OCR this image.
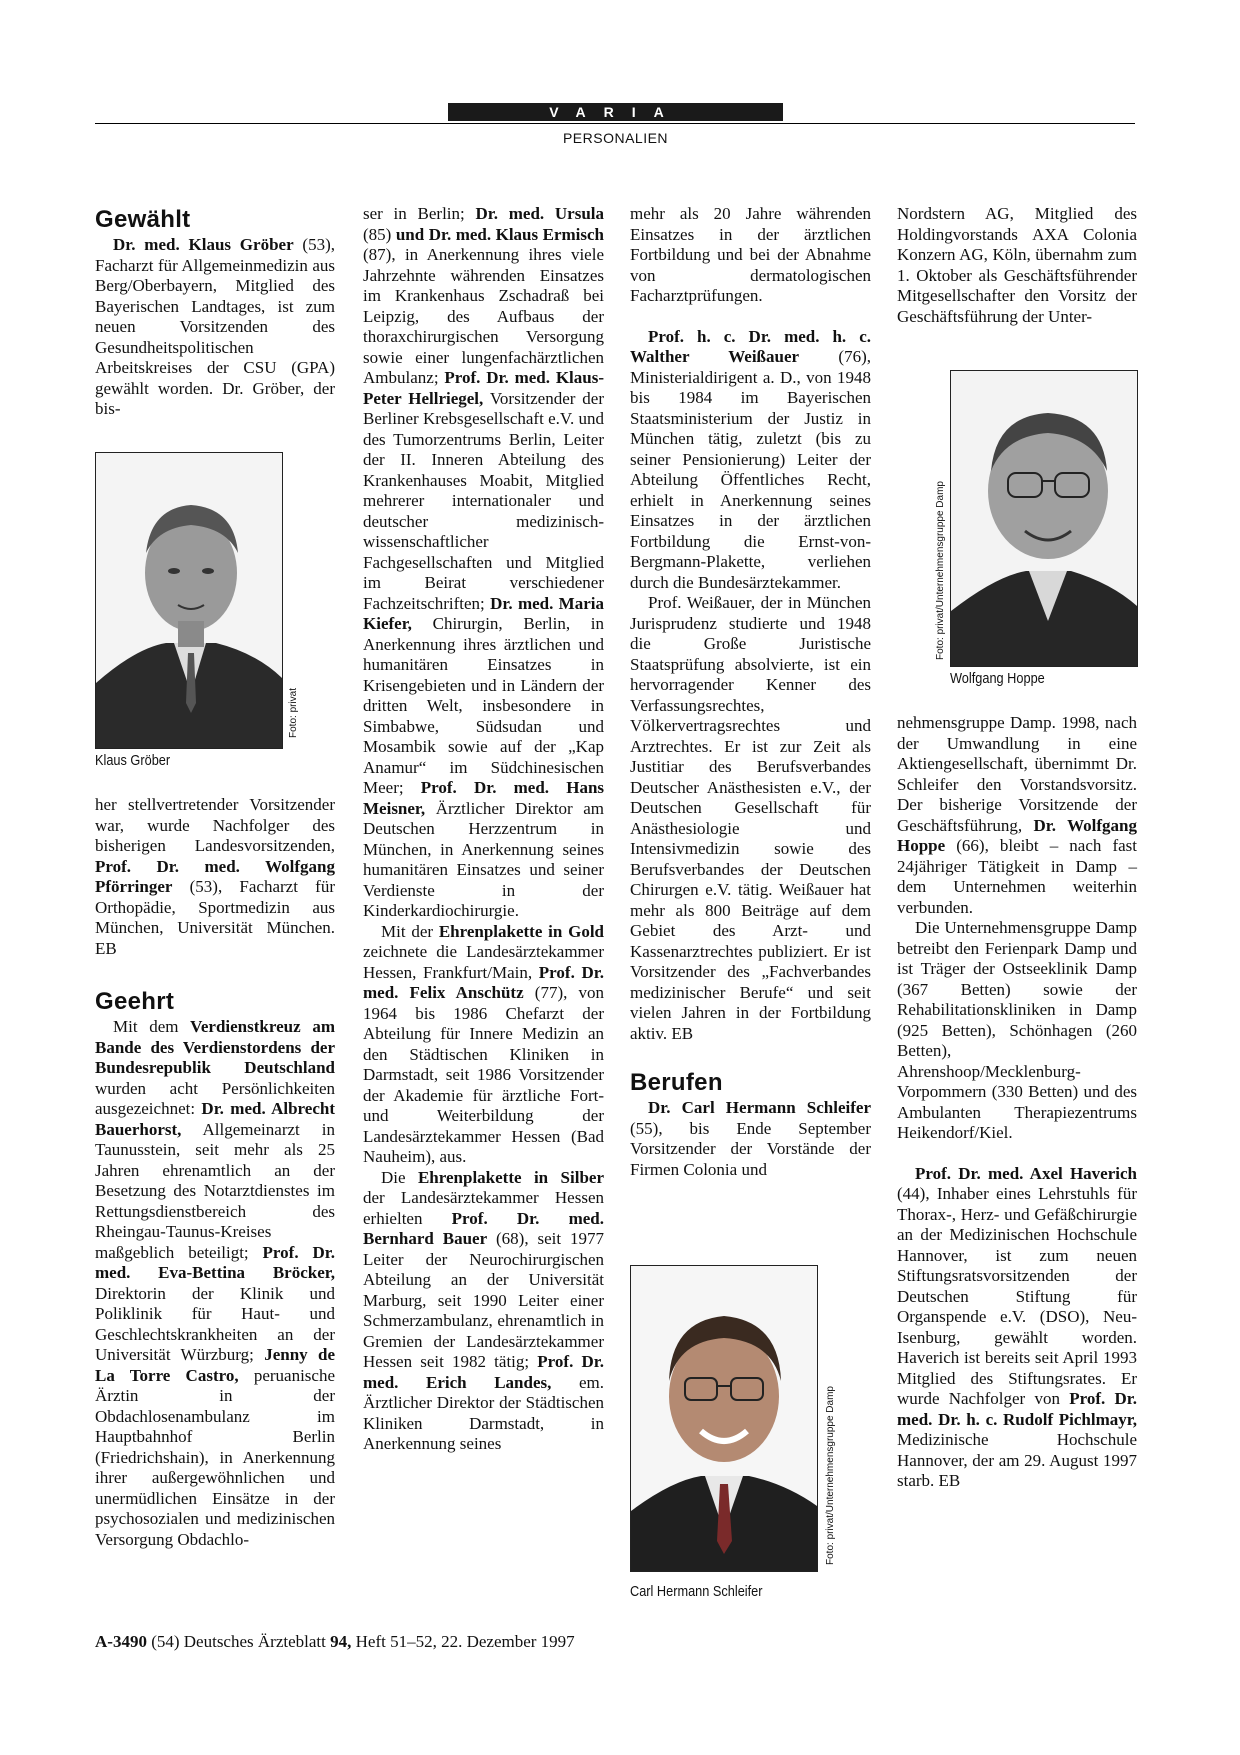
VARIA
PERSONALIEN
Gewählt

Dr. med. Klaus Gröber (53), Facharzt für Allgemeinmedizin aus Berg/Oberbayern, Mitglied des Bayerischen Landtages, ist zum neuen Vorsitzenden des Gesundheitspolitischen Arbeitskreises der CSU (GPA) gewählt worden. Dr. Gröber, der bis-

Foto: privat
Klaus Gröber

her stellvertretender Vorsitzender war, wurde Nachfolger des bisherigen Landesvorsitzenden, Prof. Dr. med. Wolfgang Pförringer (53), Facharzt für Orthopädie, Sportmedizin aus München, Universität München. EB

Geehrt

Mit dem Verdienstkreuz am Bande des Verdienstordens der Bundesrepublik Deutschland wurden acht Persönlichkeiten ausgezeichnet: Dr. med. Albrecht Bauerhorst, Allgemeinarzt in Taunusstein, seit mehr als 25 Jahren ehrenamtlich an der Besetzung des Notarztdienstes im Rettungsdienstbereich des Rheingau-Taunus-Kreises maßgeblich beteiligt; Prof. Dr. med. Eva-Bettina Bröcker, Direktorin der Klinik und Poliklinik für Haut- und Geschlechtskrankheiten an der Universität Würzburg; Jenny de La Torre Castro, peruanische Ärztin in der Obdachlosenambulanz im Hauptbahnhof Berlin (Friedrichshain), in Anerkennung ihrer außergewöhnlichen und unermüdlichen Einsätze in der psychosozialen und medizinischen Versorgung Obdachlo-

ser in Berlin; Dr. med. Ursula (85) und Dr. med. Klaus Ermisch (87), in Anerkennung ihres viele Jahrzehnte währenden Einsatzes im Krankenhaus Zschadraß bei Leipzig, des Aufbaus der thoraxchirurgischen Versorgung sowie einer lungenfachärztlichen Ambulanz; Prof. Dr. med. Klaus-Peter Hellriegel, Vorsitzender der Berliner Krebsgesellschaft e.V. und des Tumorzentrums Berlin, Leiter der II. Inneren Abteilung des Krankenhauses Moabit, Mitglied mehrerer internationaler und deutscher medizinisch-wissenschaftlicher Fachgesellschaften und Mitglied im Beirat verschiedener Fachzeitschriften; Dr. med. Maria Kiefer, Chirurgin, Berlin, in Anerkennung ihres ärztlichen und humanitären Einsatzes in Krisengebieten und in Ländern der dritten Welt, insbesondere in Simbabwe, Südsudan und Mosambik sowie auf der „Kap Anamur“ im Südchinesischen Meer; Prof. Dr. med. Hans Meisner, Ärztlicher Direktor am Deutschen Herzzentrum in München, in Anerkennung seines humanitären Einsatzes und seiner Verdienste in der Kinderkardiochirurgie.

Mit der Ehrenplakette in Gold zeichnete die Landesärztekammer Hessen, Frankfurt/Main, Prof. Dr. med. Felix Anschütz (77), von 1964 bis 1986 Chefarzt der Abteilung für Innere Medizin an den Städtischen Kliniken in Darmstadt, seit 1986 Vorsitzender der Akademie für ärztliche Fort- und Weiterbildung der Landesärztekammer Hessen (Bad Nauheim), aus.

Die Ehrenplakette in Silber der Landesärztekammer Hessen erhielten Prof. Dr. med. Bernhard Bauer (68), seit 1977 Leiter der Neurochirurgischen Abteilung an der Universität Marburg, seit 1990 Leiter einer Schmerzambulanz, ehrenamtlich in Gremien der Landesärztekammer Hessen seit 1982 tätig; Prof. Dr. med. Erich Landes, em. Ärztlicher Direktor der Städtischen Kliniken Darmstadt, in Anerkennung seines

mehr als 20 Jahre währenden Einsatzes in der ärztlichen Fortbildung und bei der Abnahme von dermatologischen Facharztprüfungen.

Prof. h. c. Dr. med. h. c. Walther Weißauer (76), Ministerialdirigent a. D., von 1948 bis 1984 im Bayerischen Staatsministerium der Justiz in München tätig, zuletzt (bis zu seiner Pensionierung) Leiter der Abteilung Öffentliches Recht, erhielt in Anerkennung seines Einsatzes in der ärztlichen Fortbildung die Ernst-von-Bergmann-Plakette, verliehen durch die Bundesärztekammer.

Prof. Weißauer, der in München Jurisprudenz studierte und 1948 die Große Juristische Staatsprüfung absolvierte, ist ein hervorragender Kenner des Verfassungsrechtes, Völkervertragsrechtes und Arztrechtes. Er ist zur Zeit als Justitiar des Berufsverbandes Deutscher Anästhesisten e.V., der Deutschen Gesellschaft für Anästhesiologie und Intensivmedizin sowie des Berufsverbandes der Deutschen Chirurgen e.V. tätig. Weißauer hat mehr als 800 Beiträge auf dem Gebiet des Arzt- und Kassenarztrechtes publiziert. Er ist Vorsitzender des „Fachverbandes medizinischer Berufe“ und seit vielen Jahren in der Fortbildung aktiv. EB

Berufen

Dr. Carl Hermann Schleifer (55), bis Ende September Vorsitzender der Vorstände der Firmen Colonia und

Foto: privat/Unternehmensgruppe Damp
Carl Hermann Schleifer

Nordstern AG, Mitglied des Holdingvorstands AXA Colonia Konzern AG, Köln, übernahm zum 1. Oktober als Geschäftsführender Mitgesellschafter den Vorsitz der Geschäftsführung der Unter-

Foto: privat/Unternehmensgruppe Damp
Wolfgang Hoppe

nehmensgruppe Damp. 1998, nach der Umwandlung in eine Aktiengesellschaft, übernimmt Dr. Schleifer den Vorstandsvorsitz. Der bisherige Vorsitzende der Geschäftsführung, Dr. Wolfgang Hoppe (66), bleibt – nach fast 24jähriger Tätigkeit in Damp – dem Unternehmen weiterhin verbunden.

Die Unternehmensgruppe Damp betreibt den Ferienpark Damp und ist Träger der Ostseeklinik Damp (367 Betten) sowie der Rehabilitationskliniken in Damp (925 Betten), Schönhagen (260 Betten), Ahrenshoop/Mecklenburg-Vorpommern (330 Betten) und des Ambulanten Therapiezentrums Heikendorf/Kiel.

Prof. Dr. med. Axel Haverich (44), Inhaber eines Lehrstuhls für Thorax-, Herz- und Gefäßchirurgie an der Medizinischen Hochschule Hannover, ist zum neuen Stiftungsratsvorsitzenden der Deutschen Stiftung für Organspende e.V. (DSO), Neu-Isenburg, gewählt worden. Haverich ist bereits seit April 1993 Mitglied des Stiftungsrates. Er wurde Nachfolger von Prof. Dr. med. Dr. h. c. Rudolf Pichlmayr, Medizinische Hochschule Hannover, der am 29. August 1997 starb. EB

A-3490 (54) Deutsches Ärzteblatt 94, Heft 51–52, 22. Dezember 1997
